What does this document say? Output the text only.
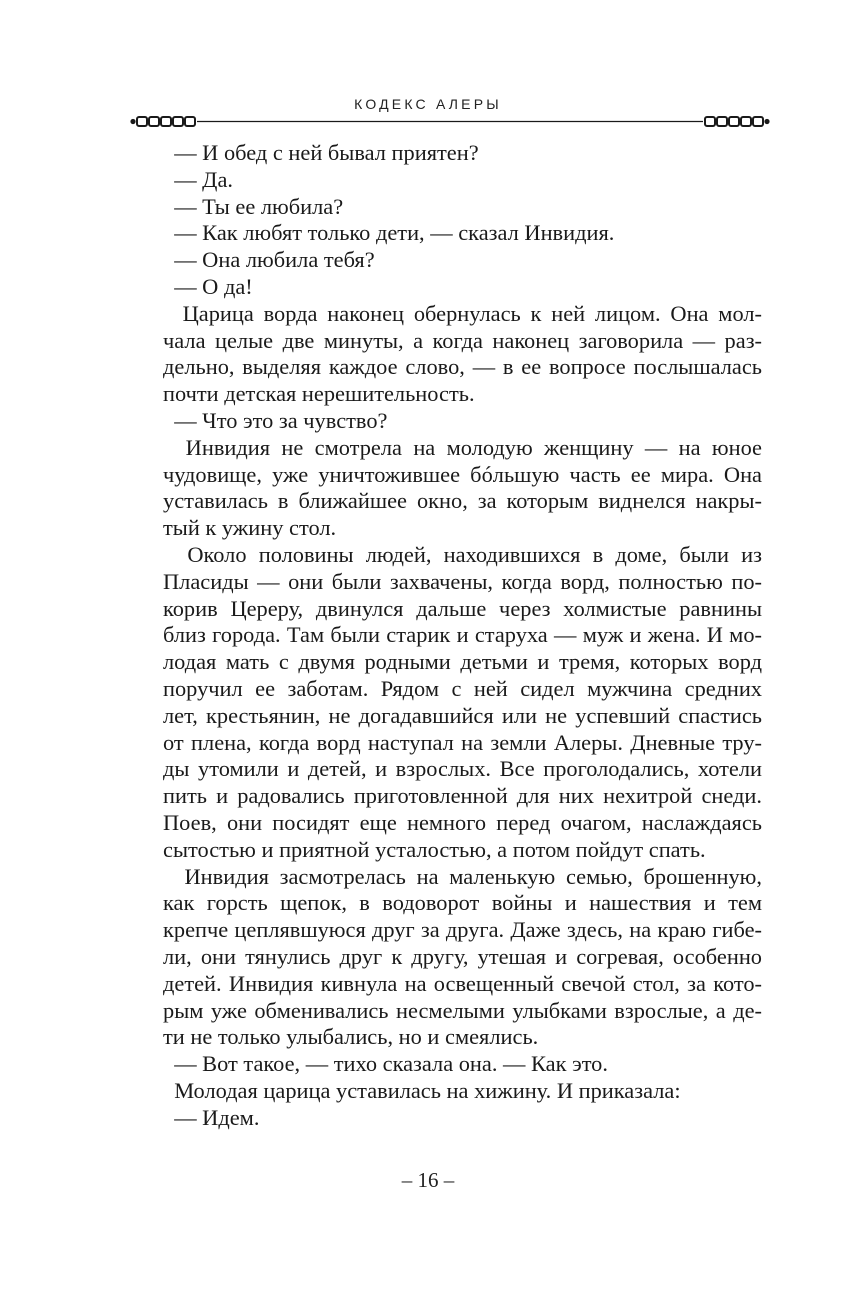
КОДЕКС АЛЕРЫ
— И обед с ней бывал приятен?
— Да.
— Ты ее любила?
— Как любят только дети, — сказал Инвидия.
— Она любила тебя?
— О да!
Царица ворда наконец обернулась к ней лицом. Она мол-
чала целые две минуты, а когда наконец заговорила — раз-
дельно, выделяя каждое слово, — в ее вопросе послышалась
почти детская нерешительность.
— Что это за чувство?
Инвидия не смотрела на молодую женщину — на юное
чудовище, уже уничтожившее бóльшую часть ее мира. Она
уставилась в ближайшее окно, за которым виднелся накры-
тый к ужину стол.
Около половины людей, находившихся в доме, были из
Пласиды — они были захвачены, когда ворд, полностью по-
корив Цереру, двинулся дальше через холмистые равнины
близ города. Там были старик и старуха — муж и жена. И мо-
лодая мать с двумя родными детьми и тремя, которых ворд
поручил ее заботам. Рядом с ней сидел мужчина средних
лет, крестьянин, не догадавшийся или не успевший спастись
от плена, когда ворд наступал на земли Алеры. Дневные тру-
ды утомили и детей, и взрослых. Все проголодались, хотели
пить и радовались приготовленной для них нехитрой снеди.
Поев, они посидят еще немного перед очагом, наслаждаясь
сытостью и приятной усталостью, а потом пойдут спать.
Инвидия засмотрелась на маленькую семью, брошенную,
как горсть щепок, в водоворот войны и нашествия и тем
крепче цеплявшуюся друг за друга. Даже здесь, на краю гибе-
ли, они тянулись друг к другу, утешая и согревая, особенно
детей. Инвидия кивнула на освещенный свечой стол, за кото-
рым уже обменивались несмелыми улыбками взрослые, а де-
ти не только улыбались, но и смеялись.
— Вот такое, — тихо сказала она. — Как это.
Молодая царица уставилась на хижину. И приказала:
— Идем.
– 16 –
